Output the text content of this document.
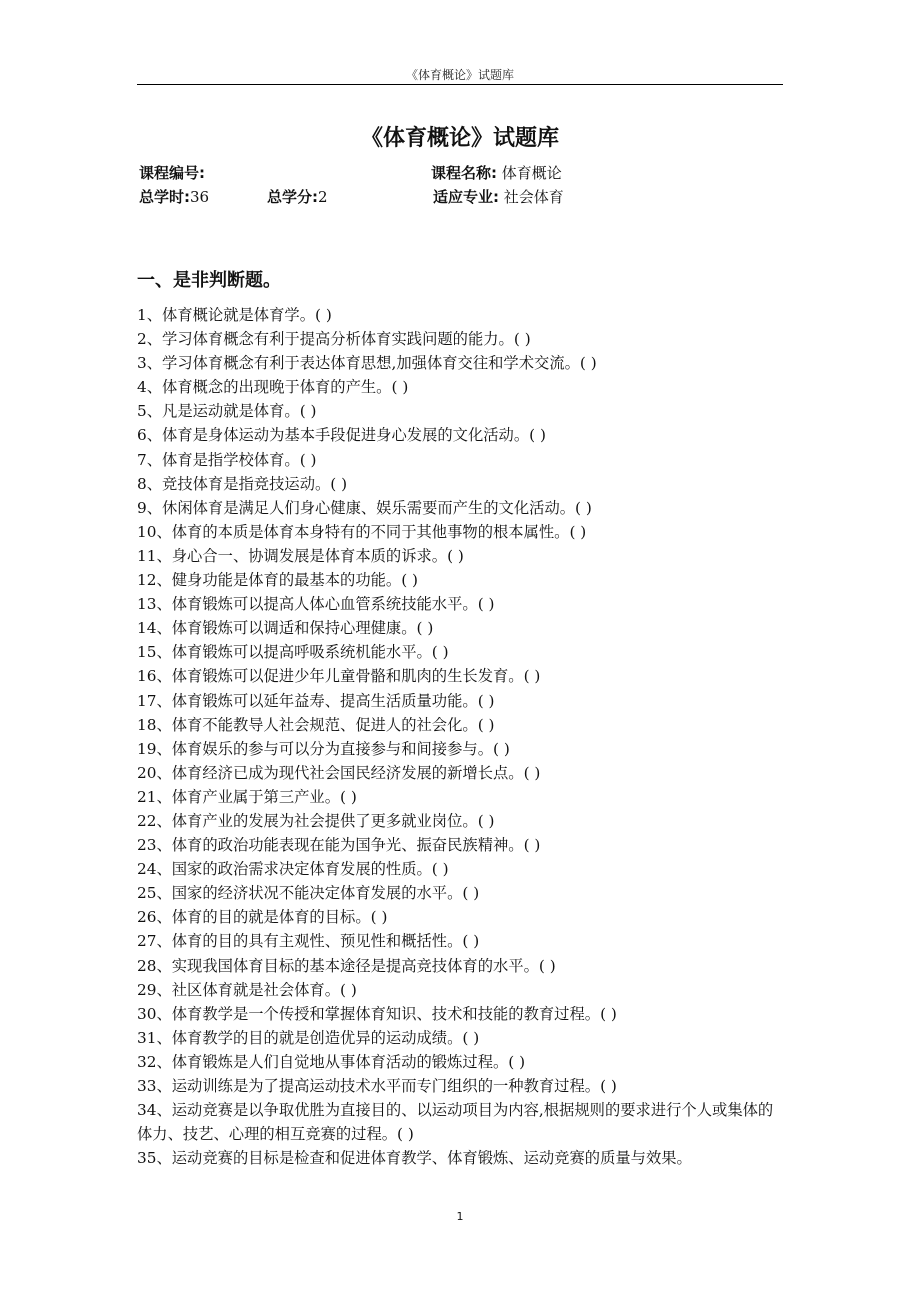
《体育概论》试题库
《体育概论》试题库
课程编号:	课程名称: 体育概论
总学时:36	总学分:2	适应专业: 社会体育
一、是非判断题。
1、体育概论就是体育学。( )
2、学习体育概念有利于提高分析体育实践问题的能力。( )
3、学习体育概念有利于表达体育思想,加强体育交往和学术交流。( )
4、体育概念的出现晚于体育的产生。( )
5、凡是运动就是体育。( )
6、体育是身体运动为基本手段促进身心发展的文化活动。( )
7、体育是指学校体育。( )
8、竞技体育是指竞技运动。( )
9、休闲体育是满足人们身心健康、娱乐需要而产生的文化活动。( )
10、体育的本质是体育本身特有的不同于其他事物的根本属性。( )
11、身心合一、协调发展是体育本质的诉求。( )
12、健身功能是体育的最基本的功能。( )
13、体育锻炼可以提高人体心血管系统技能水平。( )
14、体育锻炼可以调适和保持心理健康。( )
15、体育锻炼可以提高呼吸系统机能水平。( )
16、体育锻炼可以促进少年儿童骨骼和肌肉的生长发育。( )
17、体育锻炼可以延年益寿、提高生活质量功能。( )
18、体育不能教导人社会规范、促进人的社会化。( )
19、体育娱乐的参与可以分为直接参与和间接参与。( )
20、体育经济已成为现代社会国民经济发展的新增长点。( )
21、体育产业属于第三产业。( )
22、体育产业的发展为社会提供了更多就业岗位。( )
23、体育的政治功能表现在能为国争光、振奋民族精神。( )
24、国家的政治需求决定体育发展的性质。( )
25、国家的经济状况不能决定体育发展的水平。( )
26、体育的目的就是体育的目标。( )
27、体育的目的具有主观性、预见性和概括性。( )
28、实现我国体育目标的基本途径是提高竞技体育的水平。( )
29、社区体育就是社会体育。( )
30、体育教学是一个传授和掌握体育知识、技术和技能的教育过程。( )
31、体育教学的目的就是创造优异的运动成绩。( )
32、体育锻炼是人们自觉地从事体育活动的锻炼过程。( )
33、运动训练是为了提高运动技术水平而专门组织的一种教育过程。( )
34、运动竞赛是以争取优胜为直接目的、以运动项目为内容,根据规则的要求进行个人或集体的体力、技艺、心理的相互竞赛的过程。( )
35、运动竞赛的目标是检查和促进体育教学、体育锻炼、运动竞赛的质量与效果。
1
